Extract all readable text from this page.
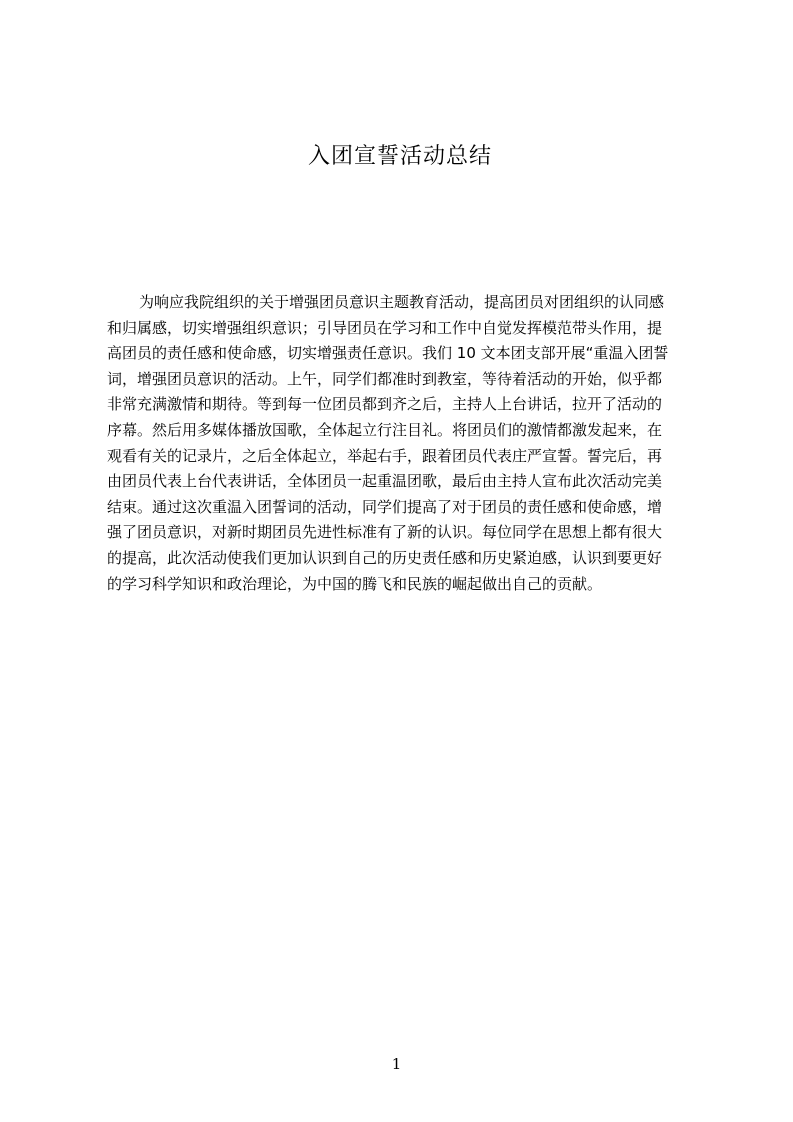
入团宣誓活动总结
为响应我院组织的关于增强团员意识主题教育活动，提高团员对团组织的认同感
和归属感，切实增强组织意识；引导团员在学习和工作中自觉发挥模范带头作用，提
高团员的责任感和使命感，切实增强责任意识。我们 10 文本团支部开展“重温入团誓
词，增强团员意识的活动。上午，同学们都准时到教室，等待着活动的开始，似乎都
非常充满激情和期待。等到每一位团员都到齐之后，主持人上台讲话，拉开了活动的
序幕。然后用多媒体播放国歌，全体起立行注目礼。将团员们的激情都激发起来，在
观看有关的记录片，之后全体起立，举起右手，跟着团员代表庄严宣誓。誓完后，再
由团员代表上台代表讲话，全体团员一起重温团歌，最后由主持人宣布此次活动完美
结束。通过这次重温入团誓词的活动，同学们提高了对于团员的责任感和使命感，增
强了团员意识，对新时期团员先进性标准有了新的认识。每位同学在思想上都有很大
的提高，此次活动使我们更加认识到自己的历史责任感和历史紧迫感，认识到要更好
的学习科学知识和政治理论，为中国的腾飞和民族的崛起做出自己的贡献。
1
